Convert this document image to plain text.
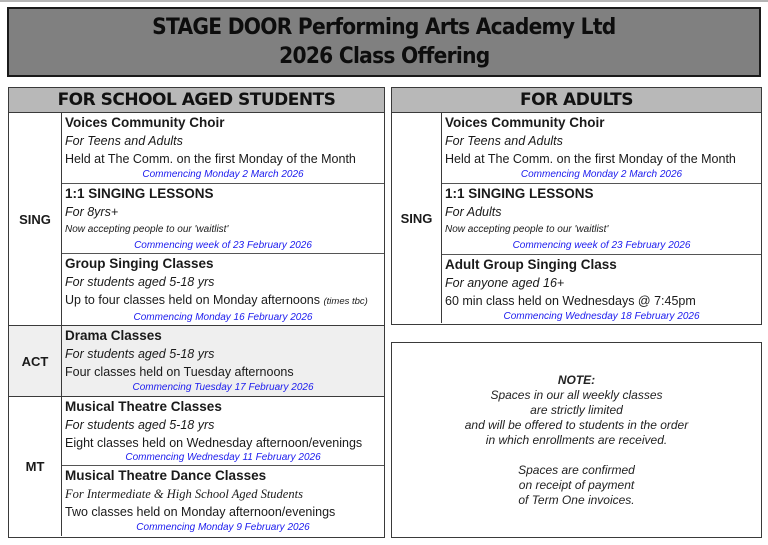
STAGE DOOR Performing Arts Academy Ltd
2026 Class Offering
FOR SCHOOL AGED STUDENTS
SING
Voices Community Choir
For Teens and Adults
Held at The Comm. on the first Monday of the Month
Commencing Monday 2 March 2026
1:1 SINGING LESSONS
For 8yrs+
Now accepting people to our 'waitlist'
Commencing week of 23 February 2026
Group Singing Classes
For students aged 5-18 yrs
Up to four classes held on Monday afternoons (times tbc)
Commencing Monday 16 February 2026
ACT
Drama Classes
For students aged 5-18 yrs
Four classes held on Tuesday afternoons
Commencing Tuesday 17 February 2026
MT
Musical Theatre Classes
For students aged 5-18 yrs
Eight classes held on Wednesday afternoon/evenings
Commencing Wednesday 11 February 2026
Musical Theatre Dance Classes
For Intermediate & High School Aged Students
Two classes held on Monday afternoon/evenings
Commencing Monday 9 February 2026
FOR ADULTS
SING
Voices Community Choir
For Teens and Adults
Held at The Comm. on the first Monday of the Month
Commencing Monday 2 March 2026
1:1 SINGING LESSONS
For Adults
Now accepting people to our 'waitlist'
Commencing week of 23 February 2026
Adult Group Singing Class
For anyone aged 16+
60 min class held on Wednesdays @ 7:45pm
Commencing Wednesday 18 February 2026
NOTE:
Spaces in our all weekly classes
are strictly limited
and will be offered to students in the order
in which enrollments are received.
Spaces are confirmed
on receipt of payment
of Term One invoices.
